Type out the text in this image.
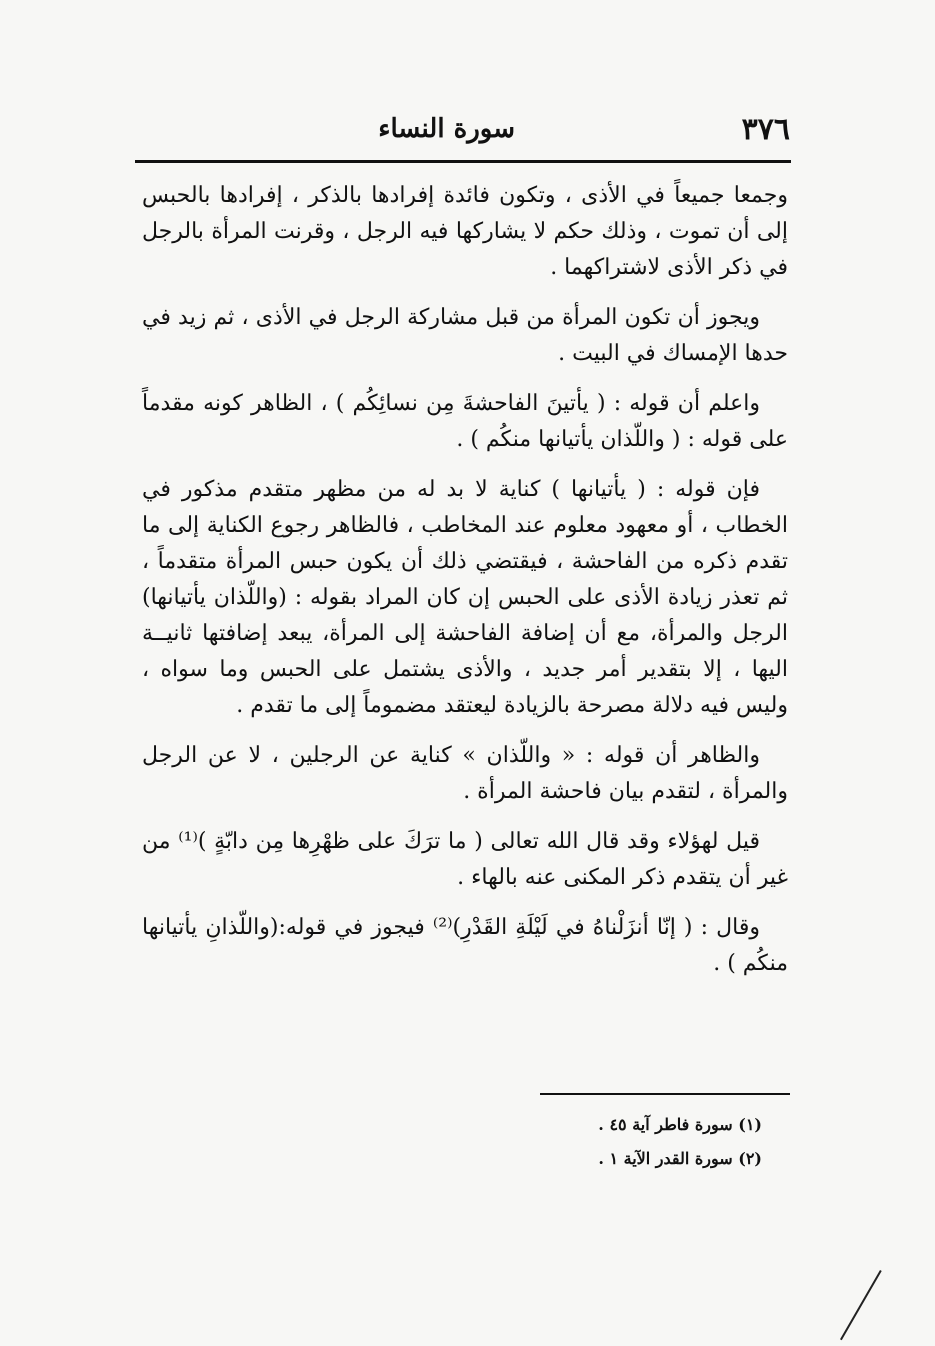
٣٧٦
سورة النساء

وجمعا جميعاً في الأذى ، وتكون فائدة إفرادها بالذكر ، إفرادها بالحبس إلى أن تموت ، وذلك حكم لا يشاركها فيه الرجل ، وقرنت المرأة بالرجل في ذكر الأذى لاشتراكهما .

ويجوز أن تكون المرأة من قبل مشاركة الرجل في الأذى ، ثم زيد في حدها الإمساك في البيت .

واعلم أن قوله : ( يأتينَ الفاحشةَ مِن نسائِكُم ) ، الظاهر كونه مقدماً على قوله : ( واللّذان يأتيانها منكُم ) .

فإن قوله : ( يأتيانها ) كناية لا بد له من مظهر متقدم مذكور في الخطاب ، أو معهود معلوم عند المخاطب ، فالظاهر رجوع الكناية إلى ما تقدم ذكره من الفاحشة ، فيقتضي ذلك أن يكون حبس المرأة متقدماً ، ثم تعذر زيادة الأذى على الحبس إن كان المراد بقوله : (واللّذان يأتيانها) الرجل والمرأة، مع أن إضافة الفاحشة إلى المرأة، يبعد إضافتها ثانيــة اليها ، إلا بتقدير أمر جديد ، والأذى يشتمل على الحبس وما سواه ، وليس فيه دلالة مصرحة بالزيادة ليعتقد مضموماً إلى ما تقدم .

والظاهر أن قوله : « واللّذان » كناية عن الرجلين ، لا عن الرجل والمرأة ، لتقدم بيان فاحشة المرأة .

قيل لهؤلاء وقد قال الله تعالى ( ما ترَكَ على ظهْرِها مِن دابّةٍ )⁽¹⁾ من غير أن يتقدم ذكر المكنى عنه بالهاء .

وقال : ( إنّا أنزَلْناهُ في لَيْلَةِ القَدْرِ)⁽²⁾ فيجوز في قوله:(واللّذانِ يأتيانها منكُم ) .

(١) سورة فاطر آية ٤٥ .

(٢) سورة القدر الآية ١ .
